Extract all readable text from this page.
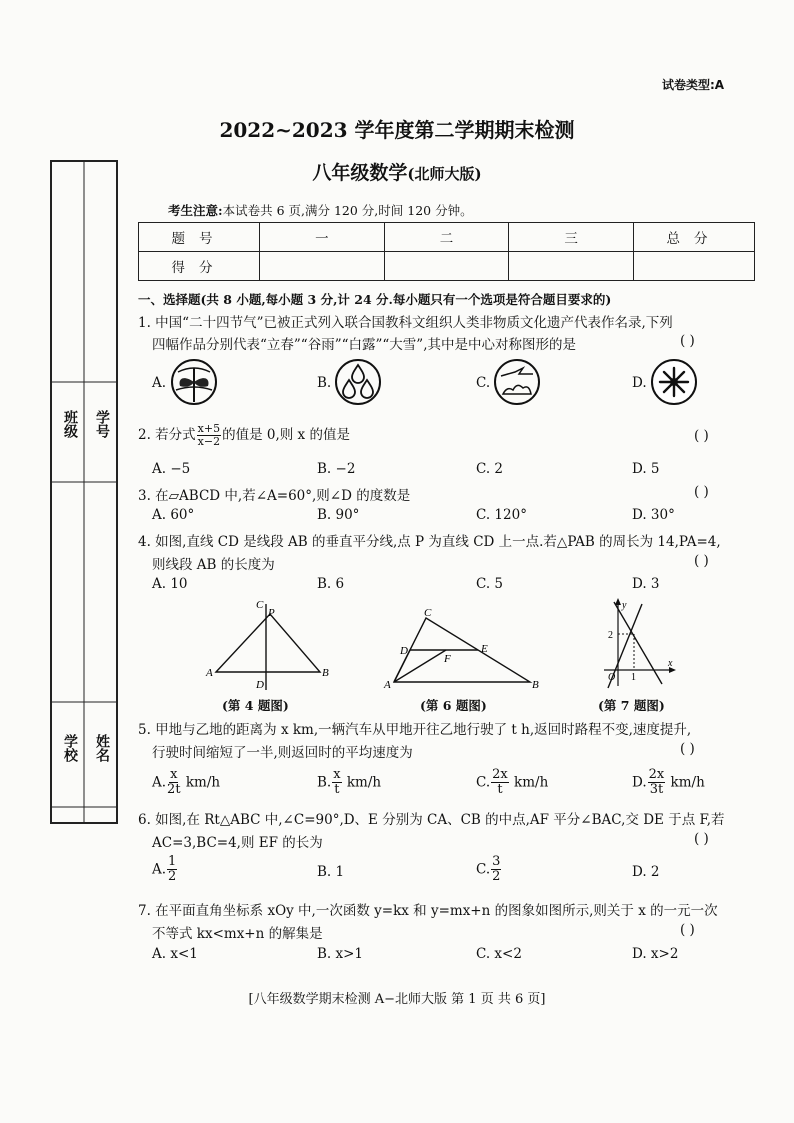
试卷类型:A
2022~2023 学年度第二学期期末检测
八年级数学(北师大版)
考生注意:本试卷共 6 页,满分 120 分,时间 120 分钟。
题号	一	二	三	总分
得分				
班级 学号
学校 姓名
一、选择题(共 8 小题,每小题 3 分,计 24 分.每小题只有一个选项是符合题目要求的)
1. 中国“二十四节气”已被正式列入联合国教科文组织人类非物质文化遗产代表作名录,下列
四幅作品分别代表“立春”“谷雨”“白露”“大雪”,其中是中心对称图形的是	( )
A.	B.	C.	D.
2. 若分式 $\frac{x+5}{x-2}$ 的值是 0,则 x 的值是	( )
A. −5	B. −2	C. 2	D. 5
3. 在▱ABCD 中,若∠A=60°,则∠D 的度数是	( )
A. 60°	B. 90°	C. 120°	D. 30°
4. 如图,直线 CD 是线段 AB 的垂直平分线,点 P 为直线 CD 上一点.若△PAB 的周长为 14,PA=4,
则线段 AB 的长度为	( )
A. 10	B. 6	C. 5	D. 3
C
P
A
D
B
(第 4 题图)
C
D	E
F
A	B
(第 6 题图)
y
2
O 1
x
(第 7 题图)
5. 甲地与乙地的距离为 x km,一辆汽车从甲地开往乙地行驶了 t h,返回时路程不变,速度提升,
行驶时间缩短了一半,则返回时的平均速度为	( )
A. $\frac{x}{2t} km/h$	B. $\frac{x}{t} km/h$	C. $\frac{2x}{t} km/h$	D. $\frac{2x}{3t} km/h$
6. 如图,在 Rt△ABC 中,∠C=90°,D、E 分别为 CA、CB 的中点,AF 平分∠BAC,交 DE 于点 F,若
AC=3,BC=4,则 EF 的长为	( )
A. $\frac{1}{2}$	B. 1	C. $\frac{3}{2}$	D. 2
7. 在平面直角坐标系 xOy 中,一次函数 y=kx 和 y=mx+n 的图象如图所示,则关于 x 的一元一次
不等式 kx<mx+n 的解集是	( )
A. x<1	B. x>1	C. x<2	D. x>2
[八年级数学期末检测 A−北师大版 第 1 页 共 6 页]
